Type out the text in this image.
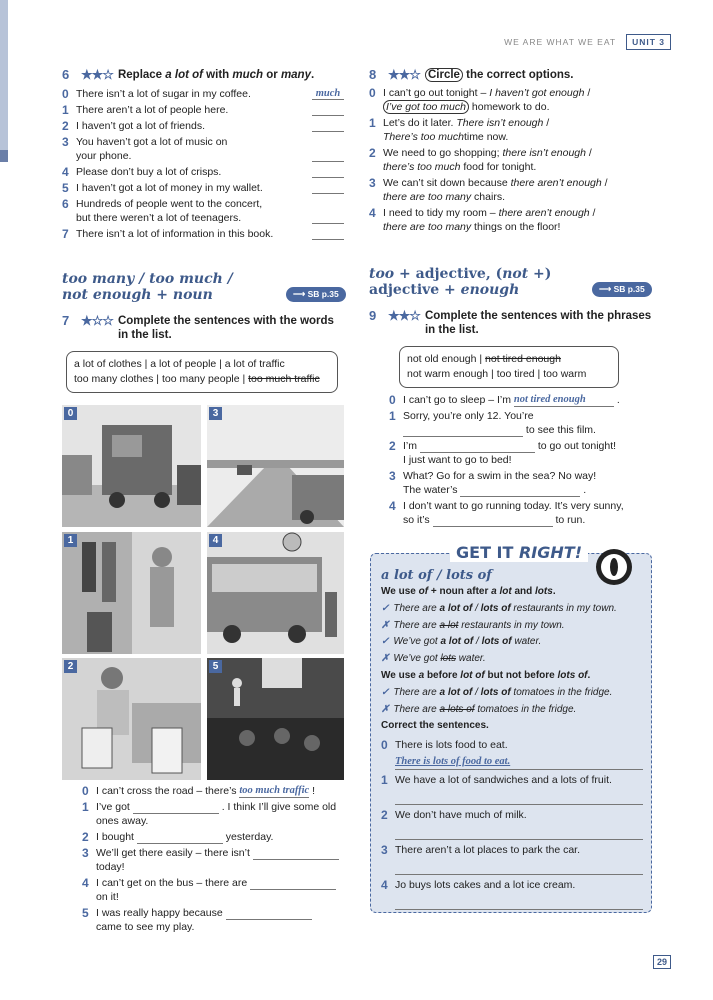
WE ARE WHAT WE EAT	UNIT 3
6 ★★☆ Replace a lot of with much or many.
0 There isn’t a lot of sugar in my coffee.	much
1 There aren’t a lot of people here.
2 I haven’t got a lot of friends.
3 You haven’t got a lot of music on
your phone.
4 Please don’t buy a lot of crisps.
5 I haven’t got a lot of money in my wallet.
6 Hundreds of people went to the concert,
but there weren’t a lot of teenagers.
7 There isn’t a lot of information in this book.
too many / too much /
not enough + noun	⟶ SB p.35
7 ★☆☆ Complete the sentences with the words in the list.
a lot of clothes | a lot of people | a lot of traffic
too many clothes | too many people | too much traffic
0	3
1	4
2	5
0 I can’t cross the road – there’s too much traffic !
1 I’ve got	. I think I’ll give some old
ones away.
2 I bought	yesterday.
3 We’ll get there easily – there isn’t
today!
4 I can’t get on the bus – there are
on it!
5 I was really happy because
came to see my play.
8 ★★☆ Circle the correct options.
0 I can’t go out tonight – I haven’t got enough /
I’ve got too much homework to do.
1 Let’s do it later. There isn’t enough /
There’s too muchtime now.
2 We need to go shopping; there isn’t enough /
there’s too much food for tonight.
3 We can’t sit down because there aren’t enough /
there are too many chairs.
4 I need to tidy my room – there aren’t enough /
there are too many things on the floor!
too + adjective, (not +)
adjective + enough	⟶ SB p.35
9 ★★☆ Complete the sentences with the phrases in the list.
not old enough | not tired enough
not warm enough | too tired | too warm
0 I can’t go to sleep – I’m not tired enough	.
1 Sorry, you’re only 12. You’re
to see this film.
2 I’m	to go out tonight!
I just want to go to bed!
3 What? Go for a swim in the sea? No way!
The water’s	.
4 I don’t want to go running today. It’s very sunny,
so it’s	to run.
GET IT RIGHT!
a lot of / lots of
We use of + noun after a lot and lots.
✓ There are a lot of / lots of restaurants in my town.
✗ There are a lot restaurants in my town.
✓ We’ve got a lot of / lots of water.
✗ We’ve got lots water.
We use a before lot of but not before lots of.
✓ There are a lot of / lots of tomatoes in the fridge.
✗ There are a lots of tomatoes in the fridge.
Correct the sentences.
0 There is lots food to eat.
There is lots of food to eat.
1 We have a lot of sandwiches and a lots of fruit.
2 We don’t have much of milk.
3 There aren’t a lot places to park the car.
4 Jo buys lots cakes and a lot ice cream.
29
